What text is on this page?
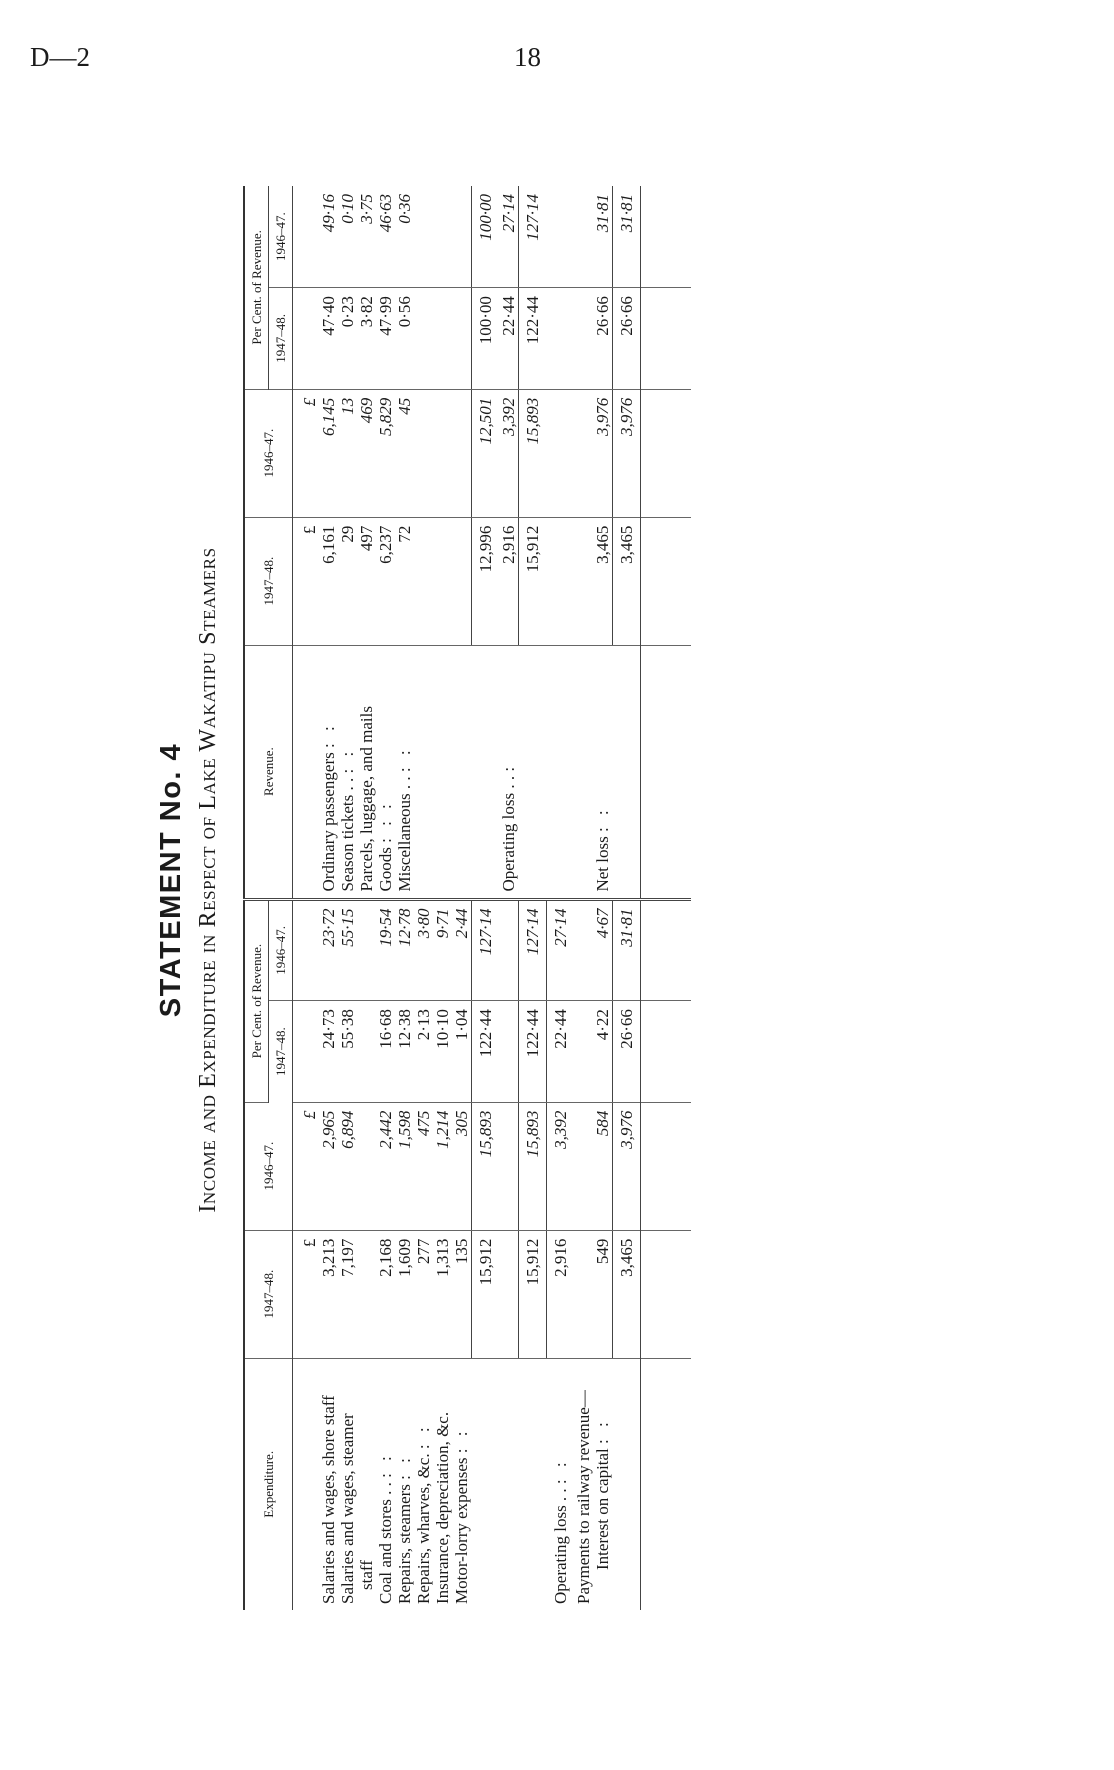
D—2	18
STATEMENT No. 4 Income and Expenditure in Respect of Lake Wakatipu Steamers
Expenditure.	1947–48.	1946–47.	Per Cent. of Revenue.		Revenue.	1947–48.	1946–47.	Per Cent. of Revenue.	
			1947–48.	1946–47.				1947–48.	1946–47.
	£	£				£	£		
Salaries and wages, shore staff	3,213	2,965	24·73	23·72	Ordinary passengers : :	6,161	6,145	47·40	49·16
Salaries and wages, steamer	7,197	6,894	55·38	55·15	Season tickets . . : :	29	13	0·23	0·10
staff					Parcels, luggage, and mails	497	469	3·82	3·75
Coal and stores . . : :	2,168	2,442	16·68	19·54	Goods : : :	6,237	5,829	47·99	46·63
Repairs, steamers : :	1,609	1,598	12·38	12·78	Miscellaneous . . : :	72	45	0·56	0·36
Repairs, wharves, &c. : :	277	475	2·13	3·80					
Insurance, depreciation, &c.	1,313	1,214	10·10	9·71					
Motor-lorry expenses : :	135	305	1·04	2·44					
	15,912	15,893	122·44	127·14		12,996	12,501	100·00	100·00
					Operating loss . . :	2,916	3,392	22·44	27·14
	15,912	15,893	122·44	127·14		15,912	15,893	122·44	127·14
Operating loss . . : :	2,916	3,392	22·44	27·14					
Payments to railway revenue—									
Interest on capital : :	549	584	4·22	4·67	Net loss : :	3,465	3,976	26·66	31·81
	3,465	3,976	26·66	31·81		3,465	3,976	26·66	31·81
